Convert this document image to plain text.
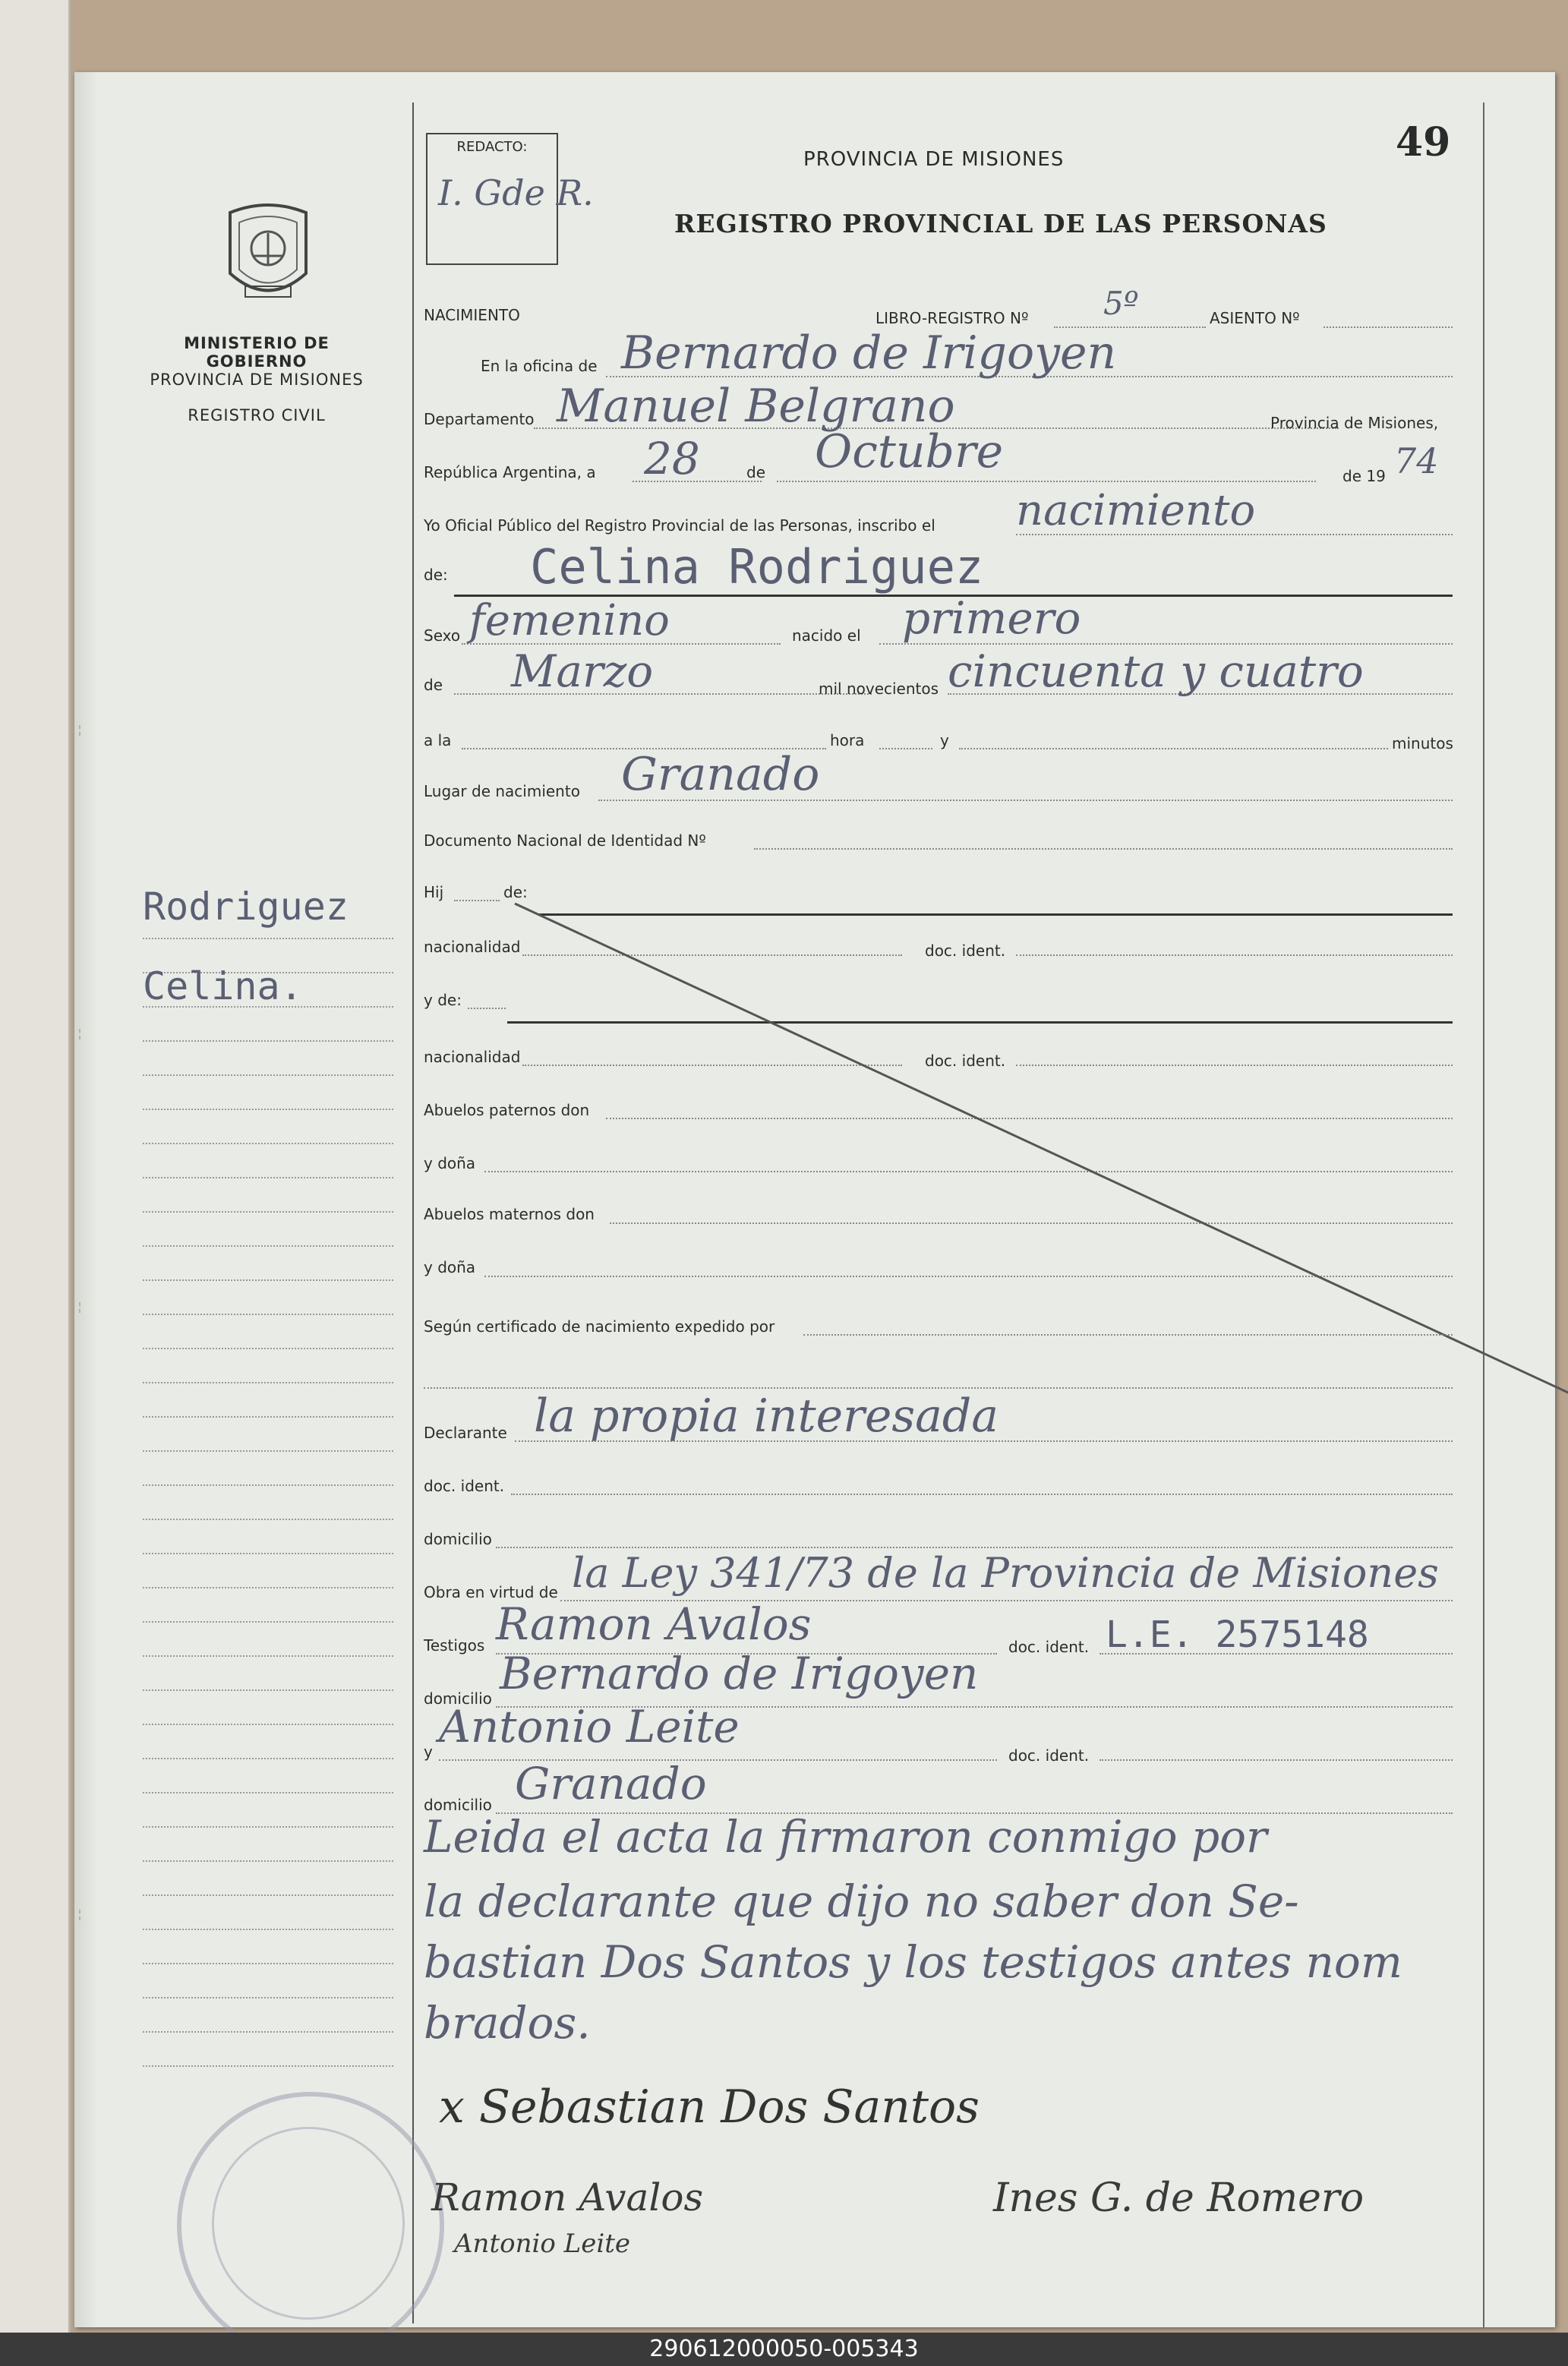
MINISTERIO DE GOBIERNO
PROVINCIA DE MISIONES
REGISTRO CIVIL
Rodriguez
Celina.
REDACTO:
I. Gde R.
PROVINCIA DE MISIONES
REGISTRO PROVINCIAL DE LAS PERSONAS
49
NACIMIENTO	LIBRO-REGISTRO Nº 5º	ASIENTO Nº
En la oficina de Bernardo de Irigoyen
Departamento Manuel Belgrano	Provincia de Misiones,
República Argentina, a 28	de Octubre	de 19 74
Yo Oficial Público del Registro Provincial de las Personas, inscribo el nacimiento
de: Celina Rodriguez
Sexo femenino	nacido el primero
de Marzo	mil novecientos cincuenta y cuatro
a la	hora	y	minutos
Lugar de nacimiento Granado
Documento Nacional de Identidad Nº
Hij	de:
nacionalidad	doc. ident.
y de:
nacionalidad	doc. ident.
Abuelos paternos don
y doña
Abuelos maternos don
y doña
Según certificado de nacimiento expedido por
Declarante la propia interesada
doc. ident.
domicilio
Obra en virtud de la Ley 341/73 de la Provincia de Misiones
Testigos Ramon Avalos	doc. ident. L.E. 2575148
domicilio Bernardo de Irigoyen
y Antonio Leite
doc. ident.
domicilio Granado
Leida el acta la firmaron conmigo por
la declarante que dijo no saber don Se-
bastian Dos Santos y los testigos antes nom
brados.
x Sebastian Dos Santos
Ramon Avalos
Antonio Leite
Ines G. de Romero
290612000050-005343
